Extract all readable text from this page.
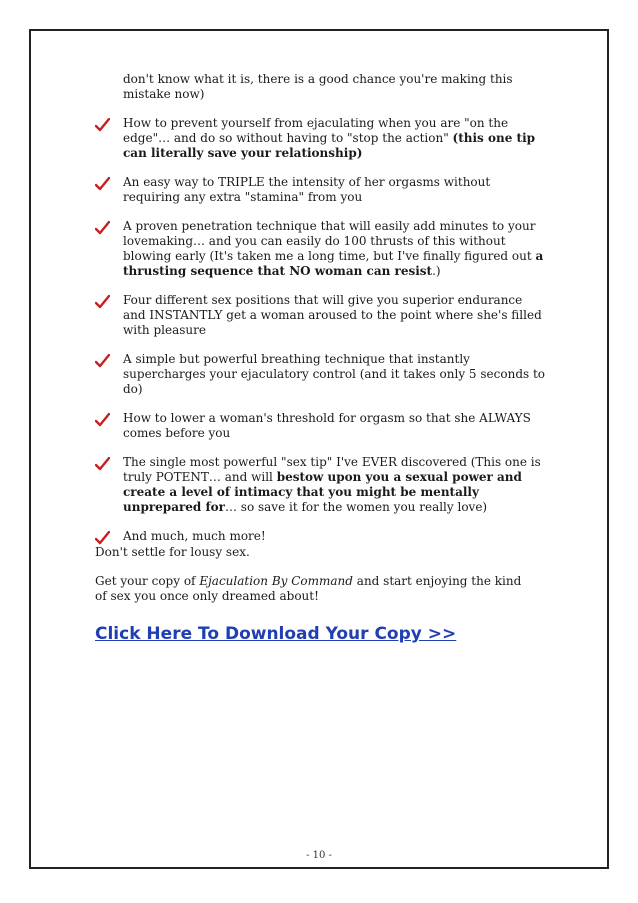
don't know what it is, there is a good chance you're making this mistake now)
How to prevent yourself from ejaculating when you are "on the edge"… and do so without having to "stop the action" (this one tip can literally save your relationship)
An easy way to TRIPLE the intensity of her orgasms without requiring any extra "stamina" from you
A proven penetration technique that will easily add minutes to your lovemaking… and you can easily do 100 thrusts of this without blowing early (It's taken me a long time, but I've finally figured out a thrusting sequence that NO woman can resist.)
Four different sex positions that will give you superior endurance and INSTANTLY get a woman aroused to the point where she's filled with pleasure
A simple but powerful breathing technique that instantly supercharges your ejaculatory control (and it takes only 5 seconds to do)
How to lower a woman's threshold for orgasm so that she ALWAYS comes before you
The single most powerful "sex tip" I've EVER discovered (This one is truly POTENT… and will bestow upon you a sexual power and create a level of intimacy that you might be mentally unprepared for… so save it for the women you really love)
And much, much more!

Don't settle for lousy sex.

Get your copy of Ejaculation By Command and start enjoying the kind of sex you once only dreamed about!

Click Here To Download Your Copy >>
- 10 -
